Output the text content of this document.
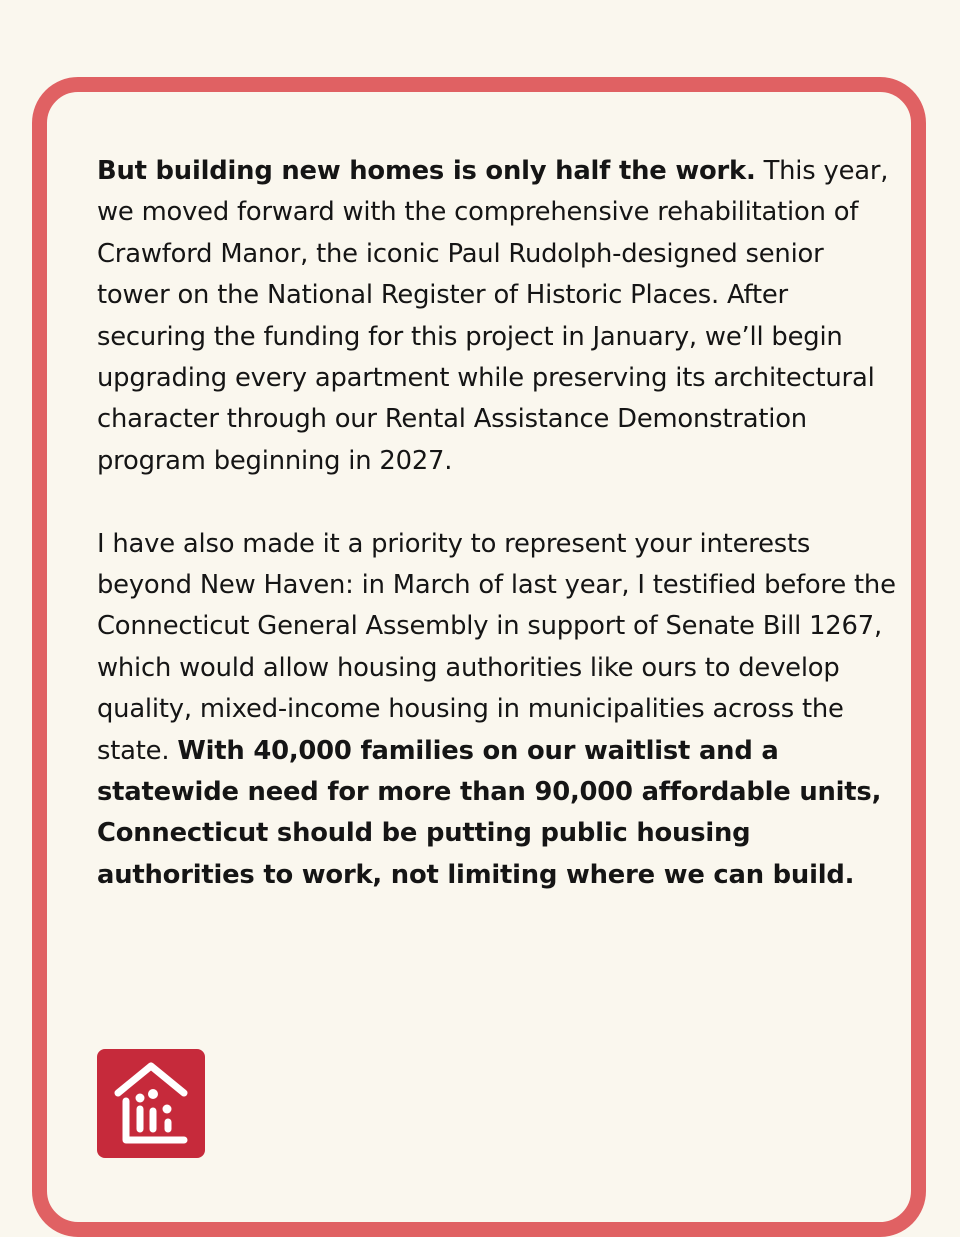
But building new homes is only half the work. This year, we moved forward with the comprehensive rehabilitation of Crawford Manor, the iconic Paul Rudolph-designed senior tower on the National Register of Historic Places. After securing the funding for this project in January, we’ll begin upgrading every apartment while preserving its architectural character through our Rental Assistance Demonstration program beginning in 2027.

I have also made it a priority to represent your interests beyond New Haven: in March of last year, I testified before the Connecticut General Assembly in support of Senate Bill 1267, which would allow housing authorities like ours to develop quality, mixed-income housing in municipalities across the state. With 40,000 families on our waitlist and a statewide need for more than 90,000 affordable units, Connecticut should be putting public housing authorities to work, not limiting where we can build.
